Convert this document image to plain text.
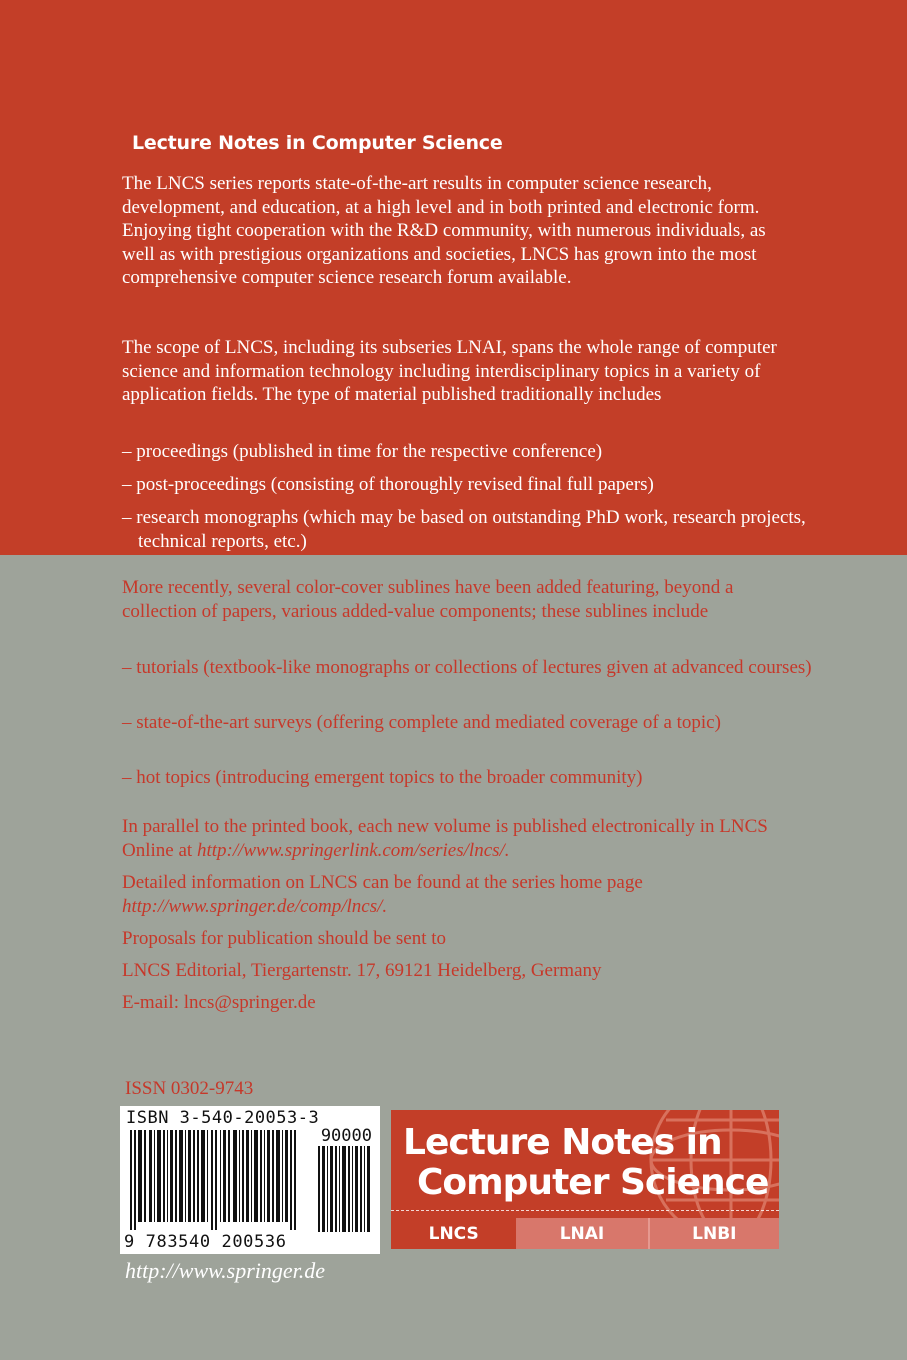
Lecture Notes in Computer Science

The LNCS series reports state-of-the-art results in computer science research, development, and education, at a high level and in both printed and electronic form. Enjoying tight cooperation with the R&D community, with numerous individuals, as well as with prestigious organizations and societies, LNCS has grown into the most comprehensive computer science research forum available.

The scope of LNCS, including its subseries LNAI, spans the whole range of computer science and information technology including interdisciplinary topics in a variety of application fields. The type of material published traditionally includes

– proceedings (published in time for the respective conference)

– post-proceedings (consisting of thoroughly revised final full papers)

– research monographs (which may be based on outstanding PhD work, research projects, technical reports, etc.)

More recently, several color-cover sublines have been added featuring, beyond a collection of papers, various added-value components; these sublines include

– tutorials (textbook-like monographs or collections of lectures given at advanced courses)

– state-of-the-art surveys (offering complete and mediated coverage of a topic)

– hot topics (introducing emergent topics to the broader community)

In parallel to the printed book, each new volume is published electronically in LNCS Online at http://www.springerlink.com/series/lncs/.

Detailed information on LNCS can be found at the series home page http://www.springer.de/comp/lncs/.

Proposals for publication should be sent to

LNCS Editorial, Tiergartenstr. 17, 69121 Heidelberg, Germany

E-mail: lncs@springer.de

ISSN 0302-9743

ISBN 3-540-20053-3
90000
9 783540 200536

http://www.springer.de

Lecture Notes in
Computer Science
LNCS	LNAI	LNBI
